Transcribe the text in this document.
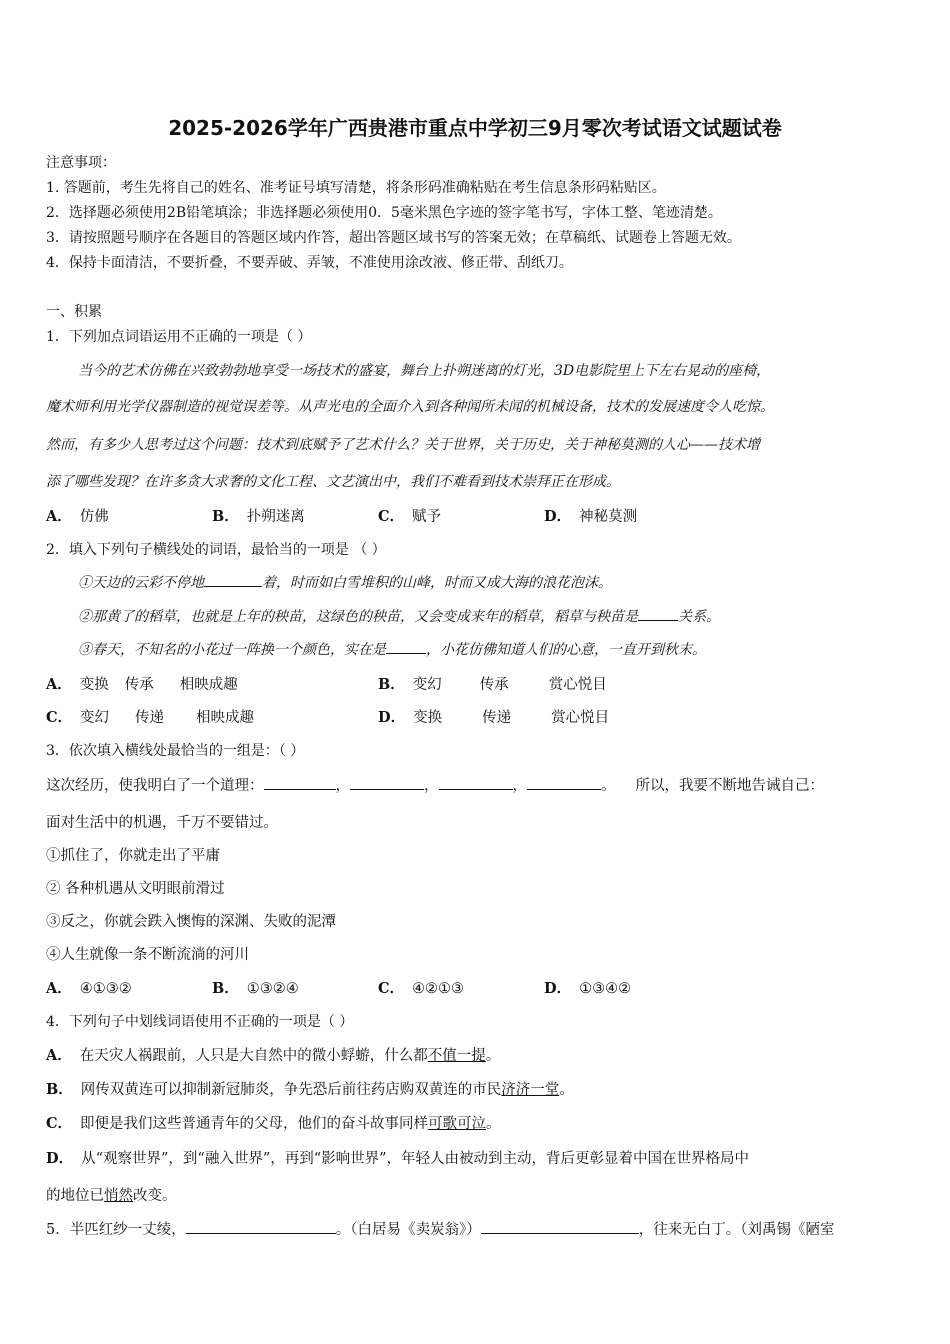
2025-2026学年广西贵港市重点中学初三9月零次考试语文试题试卷
注意事项：
1. 答题前，考生先将自己的姓名、准考证号填写清楚，将条形码准确粘贴在考生信息条形码粘贴区。
2．选择题必须使用2B铅笔填涂；非选择题必须使用0．5毫米黑色字迹的签字笔书写，字体工整、笔迹清楚。
3．请按照题号顺序在各题目的答题区域内作答，超出答题区域书写的答案无效；在草稿纸、试题卷上答题无效。
4．保持卡面清洁，不要折叠，不要弄破、弄皱，不准使用涂改液、修正带、刮纸刀。
一、积累
1．下列加点词语运用不正确的一项是（ ）
当今的艺术仿佛在兴致勃勃地享受一场技术的盛宴，舞台上扑朔迷离的灯光，3D电影院里上下左右晃动的座椅，
魔术师利用光学仪器制造的视觉误差等。从声光电的全面介入到各种闻所未闻的机械设备，技术的发展速度令人吃惊。
然而，有多少人思考过这个问题：技术到底赋予了艺术什么？关于世界，关于历史，关于神秘莫测的人心——技术增
添了哪些发现？在许多贪大求奢的文化工程、文艺演出中，我们不难看到技术崇拜正在形成。
A． 仿佛	B． 扑朔迷离	C． 赋予	D． 神秘莫测
2．填入下列句子横线处的词语，最恰当的一项是 （ ）
①天边的云彩不停地	着，时而如白雪堆积的山峰，时而又成大海的浪花泡沫。
②那黄了的稻草，也就是上年的秧苗，这绿色的秧苗，又会变成来年的稻草，稻草与秧苗是	关系。
③春天，不知名的小花过一阵换一个颜色，实在是	，小花仿佛知道人们的心意，一直开到秋末。
A． 变换 传承 相映成趣	B． 变幻	传承	赏心悦目
C． 变幻 传递 相映成趣	D． 变换	传递	赏心悦目
3．依次填入横线处最恰当的一组是：（ ）
这次经历，使我明白了一个道理：	，	，	，	。 所以，我要不断地告诫自己：
面对生活中的机遇，千万不要错过。
①抓住了，你就走出了平庸
② 各种机遇从文明眼前滑过
③反之，你就会跌入懊悔的深渊、失败的泥潭
④人生就像一条不断流淌的河川
A． ④①③②	B． ①③②④	C． ④②①③	D． ①③④②
4．下列句子中划线词语使用不正确的一项是（ ）
A． 在天灾人祸跟前，人只是大自然中的微小蜉蝣，什么都不值一提。
B． 网传双黄连可以抑制新冠肺炎，争先恐后前往药店购双黄连的市民济济一堂。
C． 即便是我们这些普通青年的父母，他们的奋斗故事同样可歌可泣。
D． 从“观察世界”，到“融入世界”，再到“影响世界”，年轻人由被动到主动，背后更彰显着中国在世界格局中
的地位已悄然改变。
5．半匹红纱一丈绫，	。（白居易《卖炭翁》）	，往来无白丁。（刘禹锡《陋室
